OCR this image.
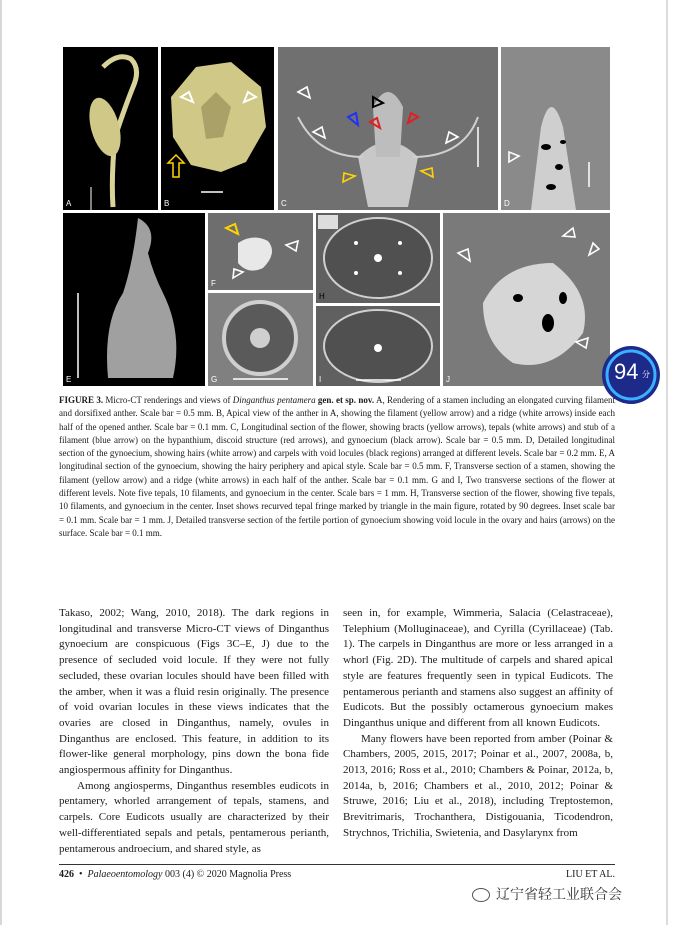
A	B	C	D
E
F
G
H
I	J
FIGURE 3. Micro-CT renderings and views of Dinganthus pentamera gen. et sp. nov. A, Rendering of a stamen including an elongated curving filament and dorsifixed anther. Scale bar = 0.5 mm. B, Apical view of the anther in A, showing the filament (yellow arrow) and a ridge (white arrows) inside each half of the opened anther. Scale bar = 0.1 mm. C, Longitudinal section of the flower, showing bracts (yellow arrows), tepals (white arrows) and stub of a filament (blue arrow) on the hypanthium, discoid structure (red arrows), and gynoecium (black arrow). Scale bar = 0.5 mm. D, Detailed longitudinal section of the gynoecium, showing hairs (white arrow) and carpels with void locules (black regions) arranged at different levels. Scale bar = 0.2 mm. E, A longitudinal section of the gynoecium, showing the hairy periphery and apical style. Scale bar = 0.5 mm. F, Transverse section of a stamen, showing the filament (yellow arrow) and a ridge (white arrows) in each half of the anther. Scale bar = 0.1 mm. G and I, Two transverse sections of the flower at different levels. Note five tepals, 10 filaments, and gynoecium in the center. Scale bars = 1 mm. H, Transverse section of the flower, showing five tepals, 10 filaments, and gynoecium in the center. Inset shows recurved tepal fringe marked by triangle in the main figure, rotated by 90 degrees. Inset scale bar = 0.1 mm. Scale bar = 1 mm. J, Detailed transverse section of the fertile portion of gynoecium showing void locule in the ovary and hairs (arrows) on the surface. Scale bar = 0.1 mm.

Takaso, 2002; Wang, 2010, 2018). The dark regions in longitudinal and transverse Micro-CT views of Dinganthus gynoecium are conspicuous (Figs 3C–E, J) due to the presence of secluded void locule. If they were not fully secluded, these ovarian locules should have been filled with the amber, when it was a fluid resin originally. The presence of void ovarian locules in these views indicates that the ovaries are closed in Dinganthus, namely, ovules in Dinganthus are enclosed. This feature, in addition to its flower-like general morphology, pins down the bona fide angiospermous affinity for Dinganthus.

Among angiosperms, Dinganthus resembles eudicots in pentamery, whorled arrangement of tepals, stamens, and carpels. Core Eudicots usually are characterized by their well-differentiated sepals and petals, pentamerous perianth, pentamerous androecium, and shared style, as

seen in, for example, Wimmeria, Salacia (Celastraceae), Telephium (Molluginaceae), and Cyrilla (Cyrillaceae) (Tab. 1). The carpels in Dinganthus are more or less arranged in a whorl (Fig. 2D). The multitude of carpels and shared apical style are features frequently seen in typical Eudicots. The pentamerous perianth and stamens also suggest an affinity of Eudicots. But the possibly octamerous gynoecium makes Dinganthus unique and different from all known Eudicots.

Many flowers have been reported from amber (Poinar & Chambers, 2005, 2015, 2017; Poinar et al., 2007, 2008a, b, 2013, 2016; Ross et al., 2010; Chambers & Poinar, 2012a, b, 2014a, b, 2016; Chambers et al., 2010, 2012; Poinar & Struwe, 2016; Liu et al., 2018), including Treptostemon, Brevitrimaris, Trochanthera, Distigouania, Ticodendron, Strychnos, Trichilia, Swietenia, and Dasylarynx from

426 • Palaeoentomology 003 (4) © 2020 Magnolia Press	LIU ET AL.
94 分
辽宁省轻工业联合会
